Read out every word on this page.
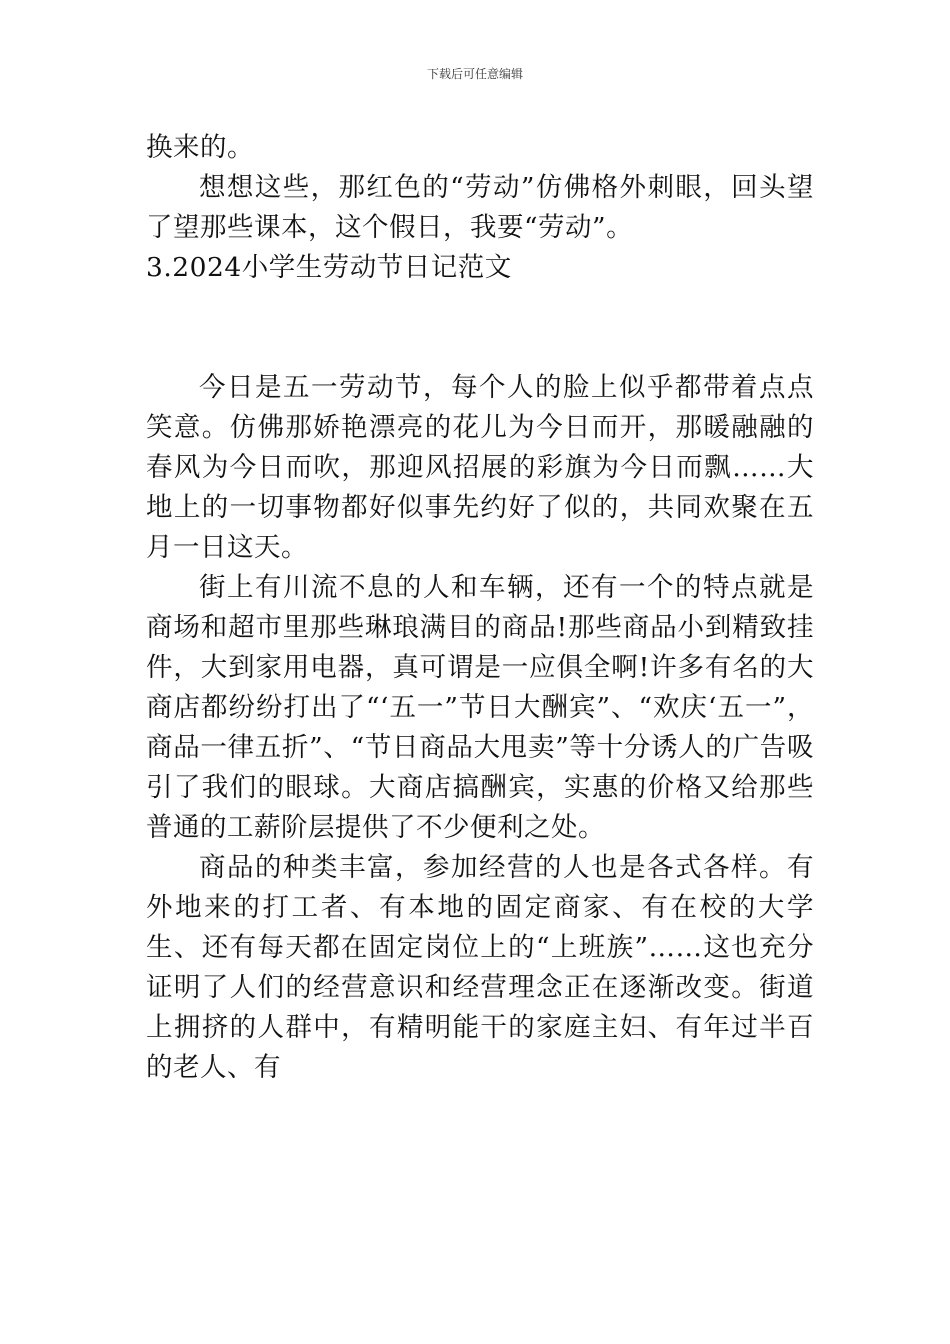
下载后可任意编辑

换来的。

想想这些，那红色的“劳动”仿佛格外刺眼，回头望了望那些课本，这个假日，我要“劳动”。

3.2024小学生劳动节日记范文

今日是五一劳动节，每个人的脸上似乎都带着点点笑意。仿佛那娇艳漂亮的花儿为今日而开，那暖融融的春风为今日而吹，那迎风招展的彩旗为今日而飘……大地上的一切事物都好似事先约好了似的，共同欢聚在五月一日这天。

街上有川流不息的人和车辆，还有一个的特点就是商场和超市里那些琳琅满目的商品!那些商品小到精致挂件，大到家用电器，真可谓是一应俱全啊!许多有名的大商店都纷纷打出了“‘五一”节日大酬宾”、“欢庆‘五一”，商品一律五折”、“节日商品大甩卖”等十分诱人的广告吸引了我们的眼球。大商店搞酬宾，实惠的价格又给那些普通的工薪阶层提供了不少便利之处。

商品的种类丰富，参加经营的人也是各式各样。有外地来的打工者、有本地的固定商家、有在校的大学生、还有每天都在固定岗位上的“上班族”……这也充分证明了人们的经营意识和经营理念正在逐渐改变。街道上拥挤的人群中，有精明能干的家庭主妇、有年过半百的老人、有
